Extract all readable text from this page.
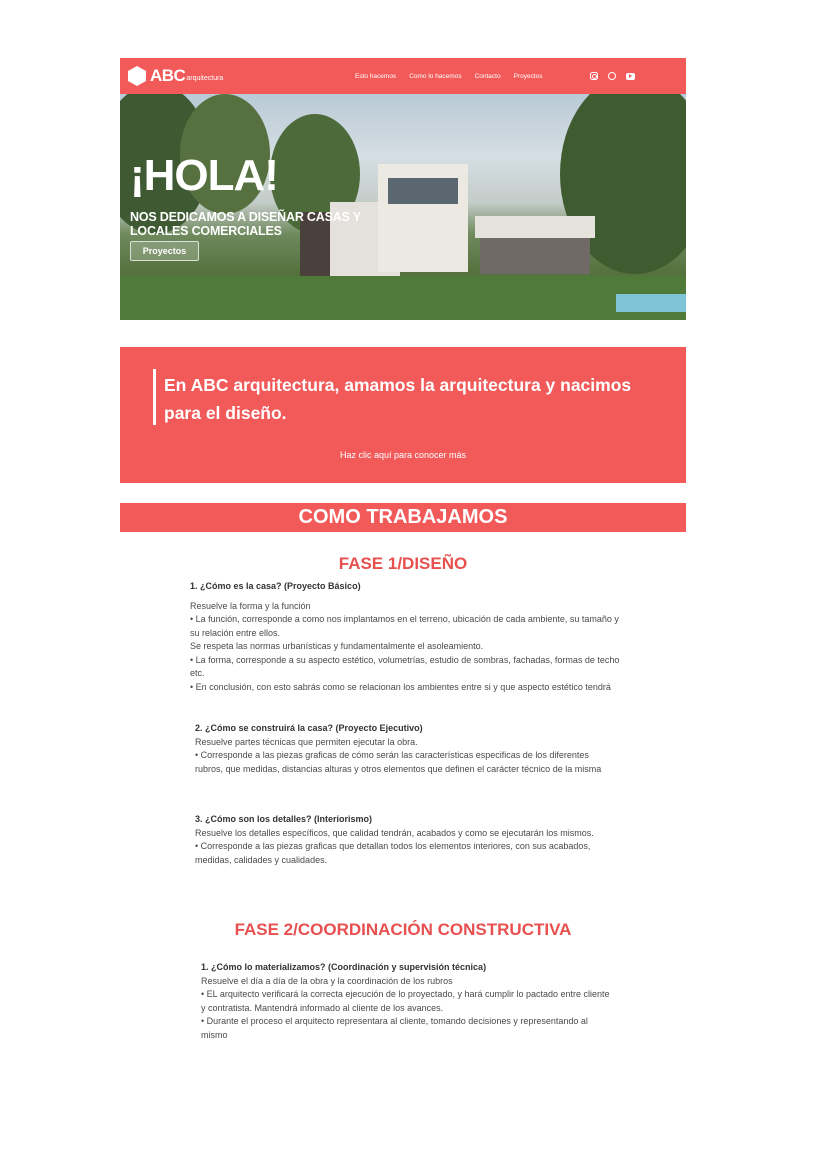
ABC arquitectura	Esto hacemos Como lo hacemos Contacto Proyectos
¡HOLA!
NOS DEDICAMOS A DISEÑAR CASAS Y LOCALES COMERCIALES
Proyectos
En ABC arquitectura, amamos la arquitectura y nacimos para el diseño.
Haz clic aquí para conocer más
COMO TRABAJAMOS
FASE 1/DISEÑO

1. ¿Cómo es la casa? (Proyecto Básico)

Resuelve la forma y la función

• La función, corresponde a como nos implantamos en el terreno, ubicación de cada ambiente, su tamaño y su relación entre ellos.

Se respeta las normas urbanísticas y fundamentalmente el asoleamiento.

• La forma, corresponde a su aspecto estético, volumetrías, estudio de sombras, fachadas, formas de techo etc.

• En conclusión, con esto sabrás como se relacionan los ambientes entre si y que aspecto estético tendrá

2. ¿Cómo se construirá la casa? (Proyecto Ejecutivo)

Resuelve partes técnicas que permiten ejecutar la obra.

• Corresponde a las piezas graficas de cómo serán las características especificas de los diferentes rubros, que medidas, distancias alturas y otros elementos que definen el carácter técnico de la misma

3. ¿Cómo son los detalles? (Interiorismo)

Resuelve los detalles específicos, que calidad tendrán, acabados y como se ejecutarán los mismos.

• Corresponde a las piezas graficas que detallan todos los elementos interiores, con sus acabados, medidas, calidades y cualidades.

FASE 2/COORDINACIÓN CONSTRUCTIVA

1. ¿Cómo lo materializamos? (Coordinación y supervisión técnica)

Resuelve el día a día de la obra y la coordinación de los rubros

• EL arquitecto verificará la correcta ejecución de lo proyectado, y hará cumplir lo pactado entre cliente y contratista. Mantendrá informado al cliente de los avances.

• Durante el proceso el arquitecto representara al cliente, tomando decisiones y representando al mismo
